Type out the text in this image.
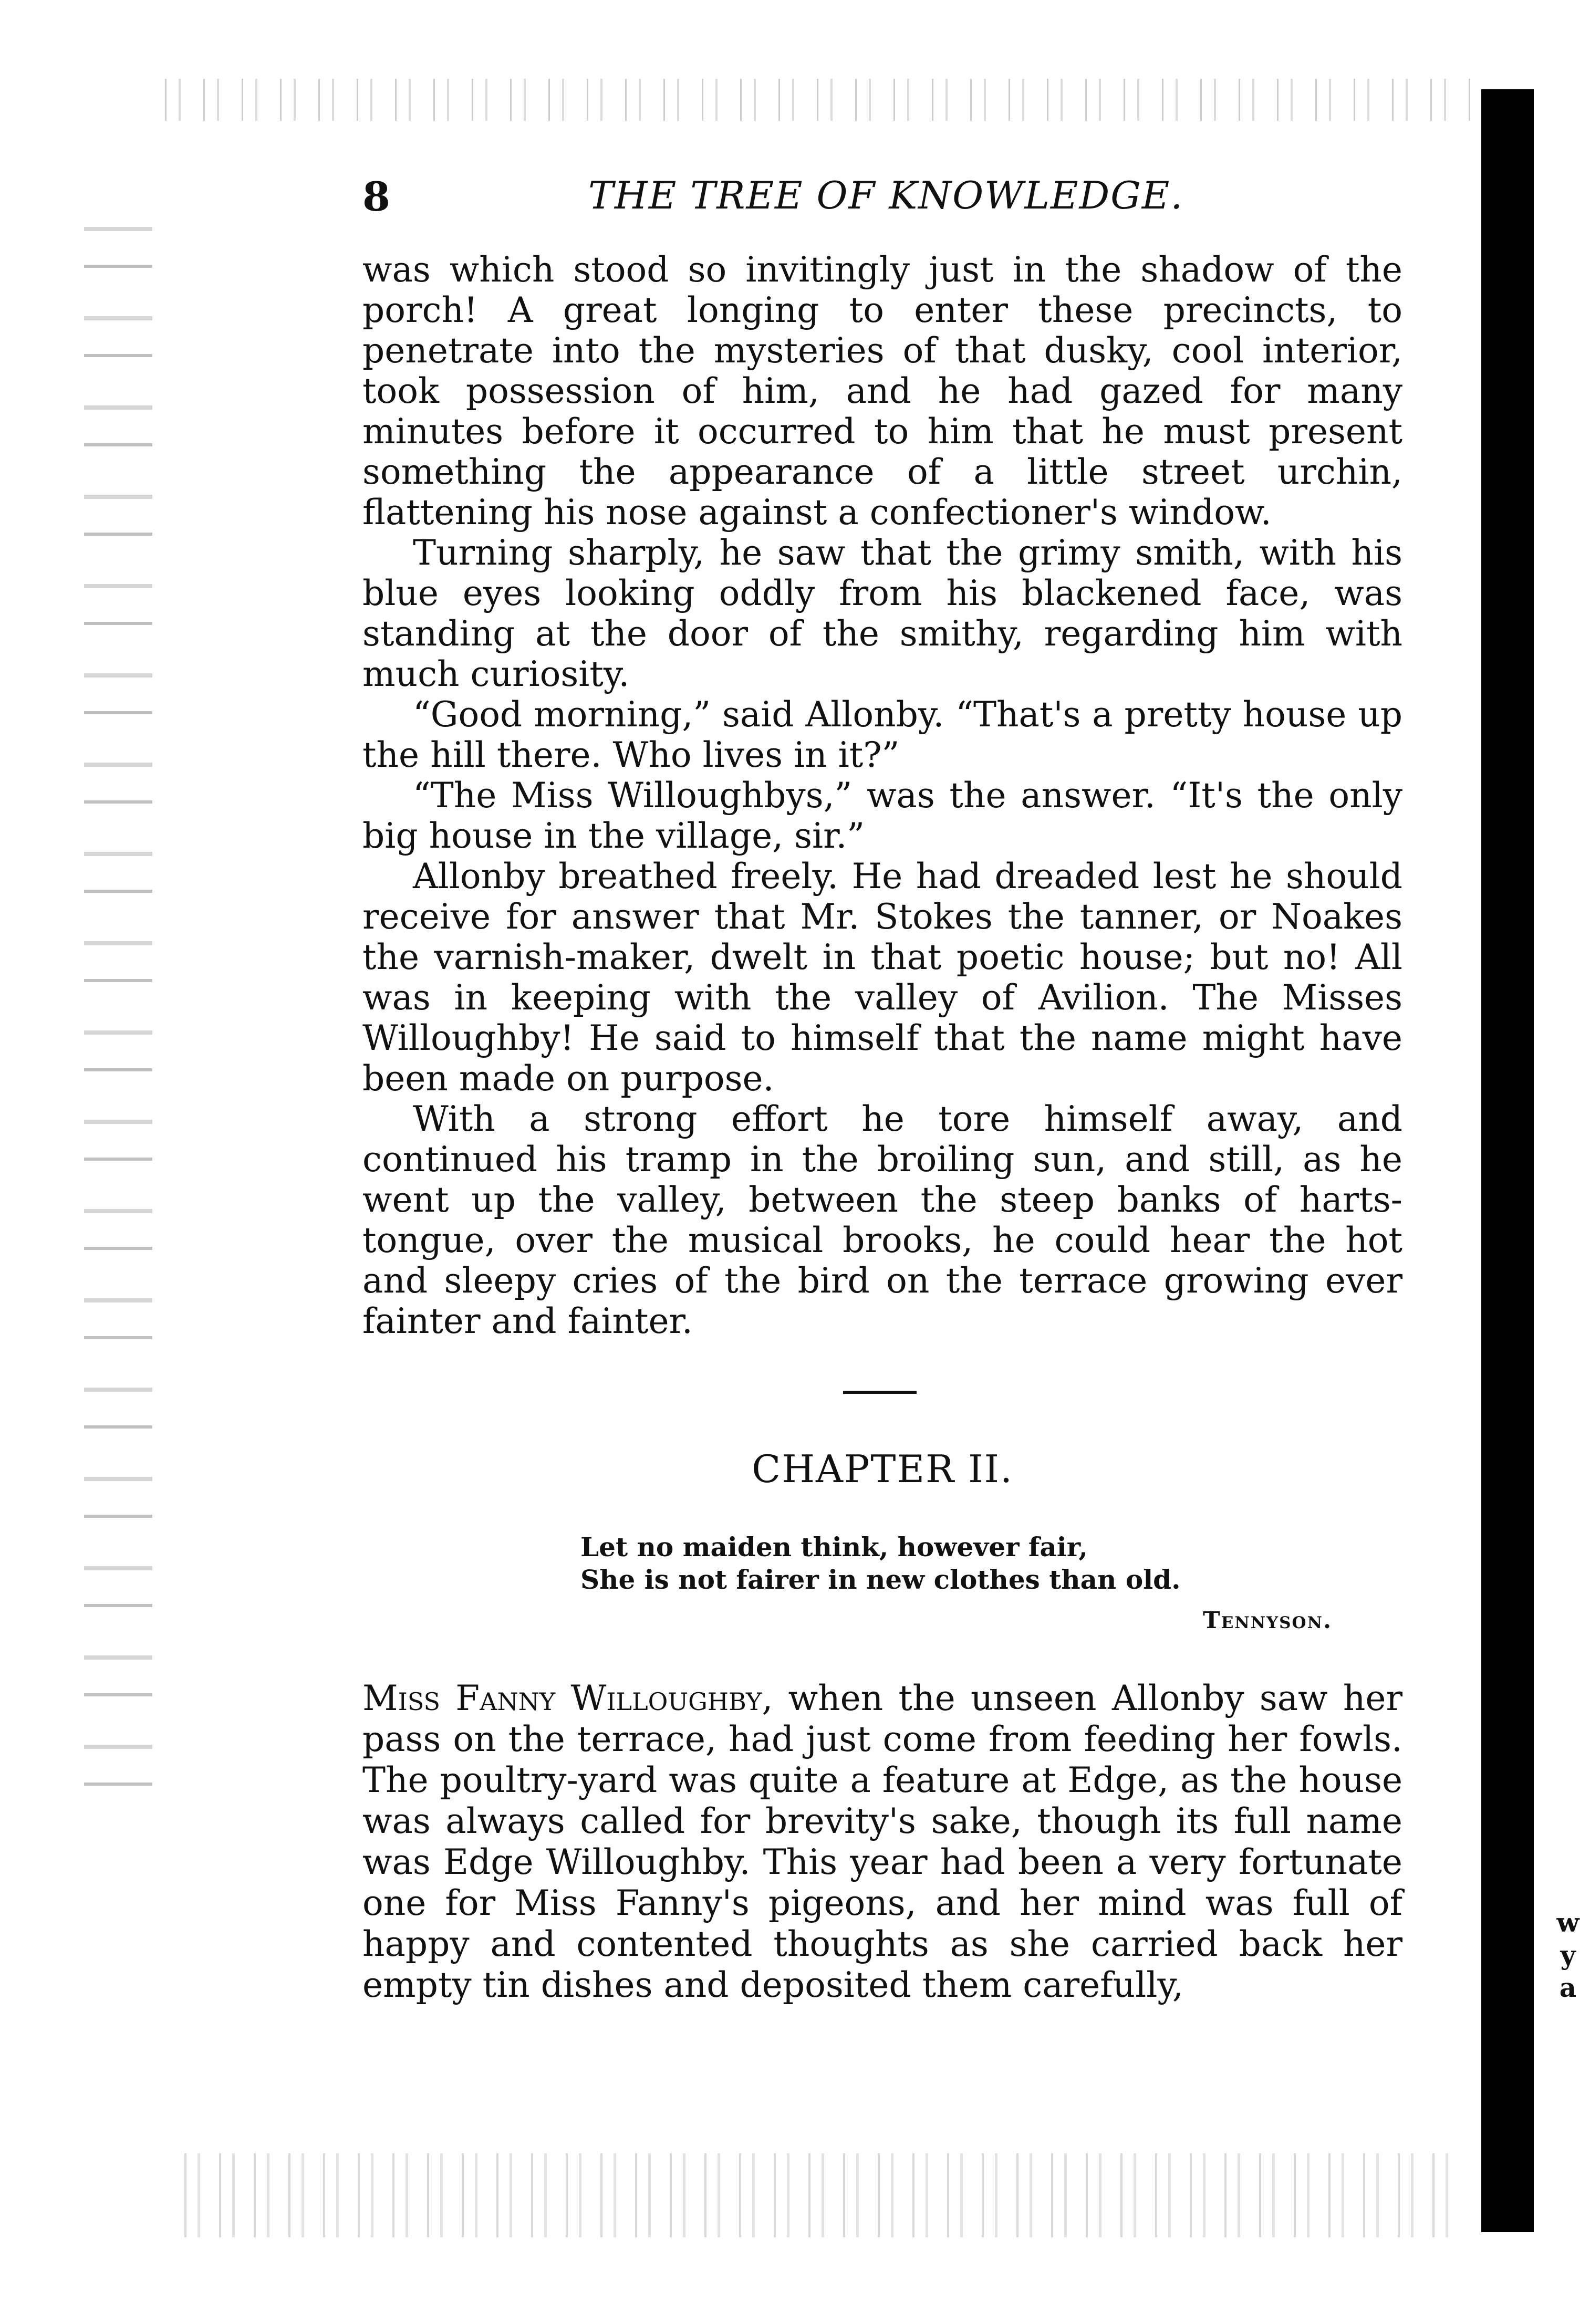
8	THE TREE OF KNOWLEDGE.

was which stood so invitingly just in the shadow of the porch! A great longing to enter these precincts, to penetrate into the mysteries of that dusky, cool interior, took possession of him, and he had gazed for many minutes before it occurred to him that he must present something the appearance of a little street urchin, flattening his nose against a confectioner's window.

Turning sharply, he saw that the grimy smith, with his blue eyes looking oddly from his blackened face, was standing at the door of the smithy, regarding him with much curiosity.

“Good morning,” said Allonby. “That's a pretty house up the hill there. Who lives in it?”

“The Miss Willoughbys,” was the answer. “It's the only big house in the village, sir.”

Allonby breathed freely. He had dreaded lest he should receive for answer that Mr. Stokes the tanner, or Noakes the varnish-maker, dwelt in that poetic house; but no! All was in keeping with the valley of Avilion. The Misses Willoughby! He said to himself that the name might have been made on purpose.

With a strong effort he tore himself away, and continued his tramp in the broiling sun, and still, as he went up the valley, between the steep banks of harts-tongue, over the musical brooks, he could hear the hot and sleepy cries of the bird on the terrace growing ever fainter and fainter.

CHAPTER II.
Let no maiden think, however fair,
She is not fairer in new clothes than old.
Tennyson.

Miss Fanny Willoughby, when the unseen Allonby saw her pass on the terrace, had just come from feeding her fowls. The poultry-yard was quite a feature at Edge, as the house was always called for brevity's sake, though its full name was Edge Willoughby. This year had been a very fortunate one for Miss Fanny's pigeons, and her mind was full of happy and contented thoughts as she carried back her empty tin dishes and deposited them carefully,

w
y
a
